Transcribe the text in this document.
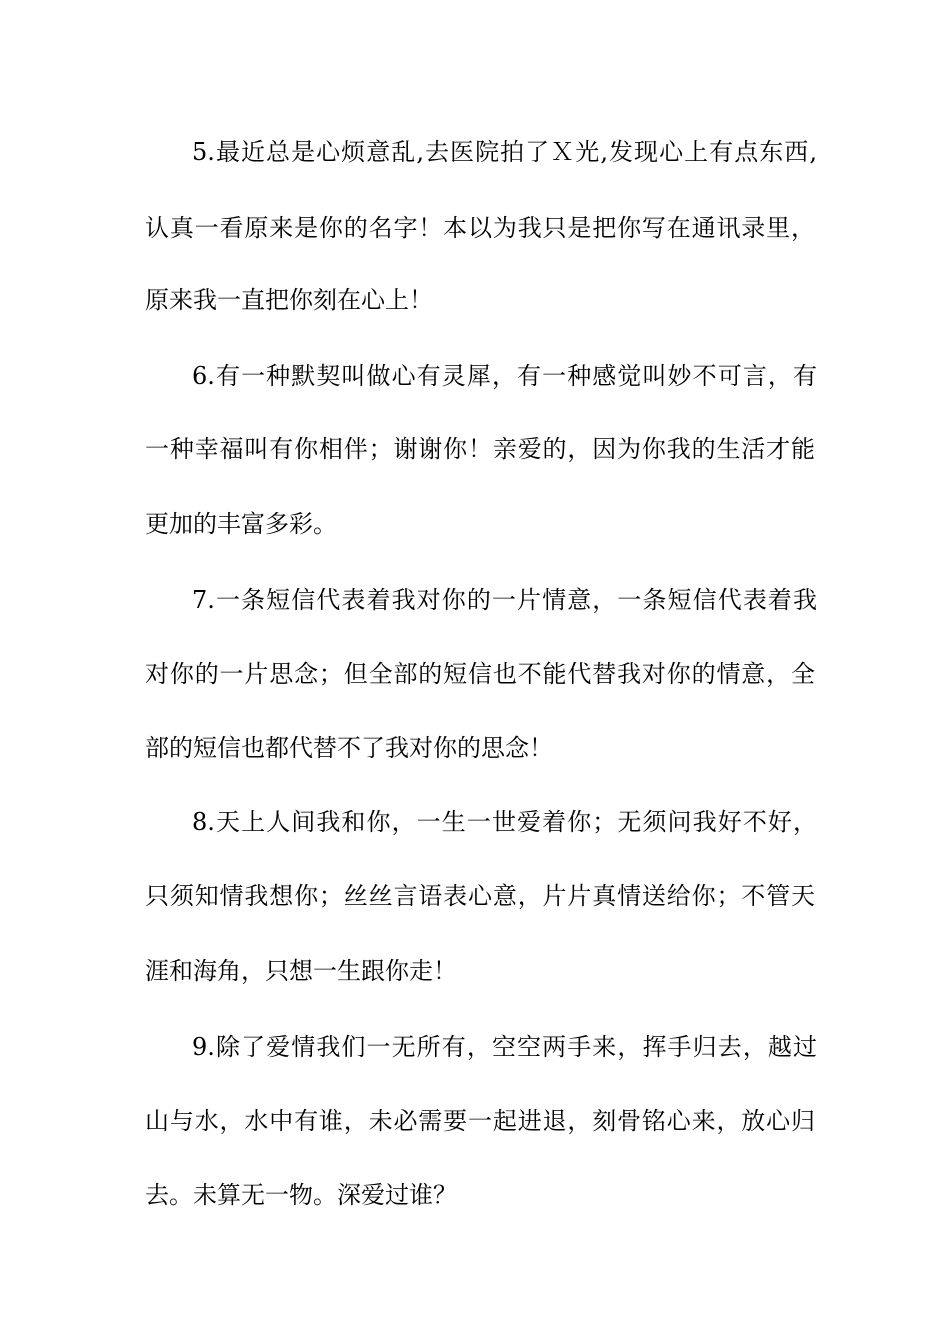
5.最近总是心烦意乱,去医院拍了Ｘ光,发现心上有点东西,
认真一看原来是你的名字！本以为我只是把你写在通讯录里，
原来我一直把你刻在心上！
6.有一种默契叫做心有灵犀，有一种感觉叫妙不可言，有
一种幸福叫有你相伴；谢谢你！亲爱的，因为你我的生活才能
更加的丰富多彩。
7.一条短信代表着我对你的一片情意，一条短信代表着我
对你的一片思念；但全部的短信也不能代替我对你的情意，全
部的短信也都代替不了我对你的思念！
8.天上人间我和你，一生一世爱着你；无须问我好不好，
只须知情我想你；丝丝言语表心意，片片真情送给你；不管天
涯和海角，只想一生跟你走！
9.除了爱情我们一无所有，空空两手来，挥手归去，越过
山与水，水中有谁，未必需要一起进退，刻骨铭心来，放心归
去。未算无一物。深爱过谁？
